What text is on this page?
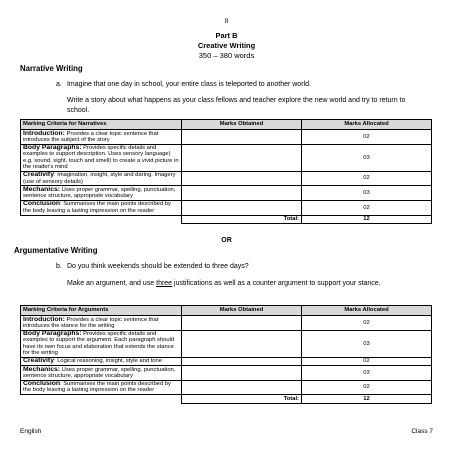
8
Part B
Creative Writing
350 – 380 words
Narrative Writing
a. Imagine that one day in school, your entire class is teleported to another world.
Write a story about what happens as your class fellows and teacher explore the new world and try to return to school.
Marking Criteria for Narratives	Marks Obtained	Marks Allocated
Introduction: Provides a clear topic sentence that introduces the subject of the story		02
Body Paragraphs: Provides specific details and examples to support description. Uses sensory language) e.g. sound, sight, touch and smell) to create a vivid picture in the reader's mind		03
Creativity: Imagination, insight, style and daring. Imagery (use of sensory details)		02
Mechanics: Uses proper grammar, spelling, punctuation, sentence structure, appropriate vocabulary		03
Conclusion: Summarises the main points described by the body leaving a lasting impression on the reader		02
	Total:	12
OR
Argumentative Writing
b. Do you think weekends should be extended to three days?
Make an argument, and use three justifications as well as a counter argument to support your stance.
Marking Criteria for Arguments	Marks Obtained	Marks Allocated
Introduction: Provides a clear topic sentence that introduces the stance for the writing		02
Body Paragraphs: Provides specific details and examples to support the argument. Each paragraph should have its own focus and elaboration that extends the stance for the writing		03
Creativity: Logical reasoning, insight, style and tone		02
Mechanics: Uses proper grammar, spelling, punctuation, sentence structure, appropriate vocabulary		03
Conclusion: Summarises the main points described by the body leaving a lasting impression on the reader		02
	Total:	12
English	Class 7
